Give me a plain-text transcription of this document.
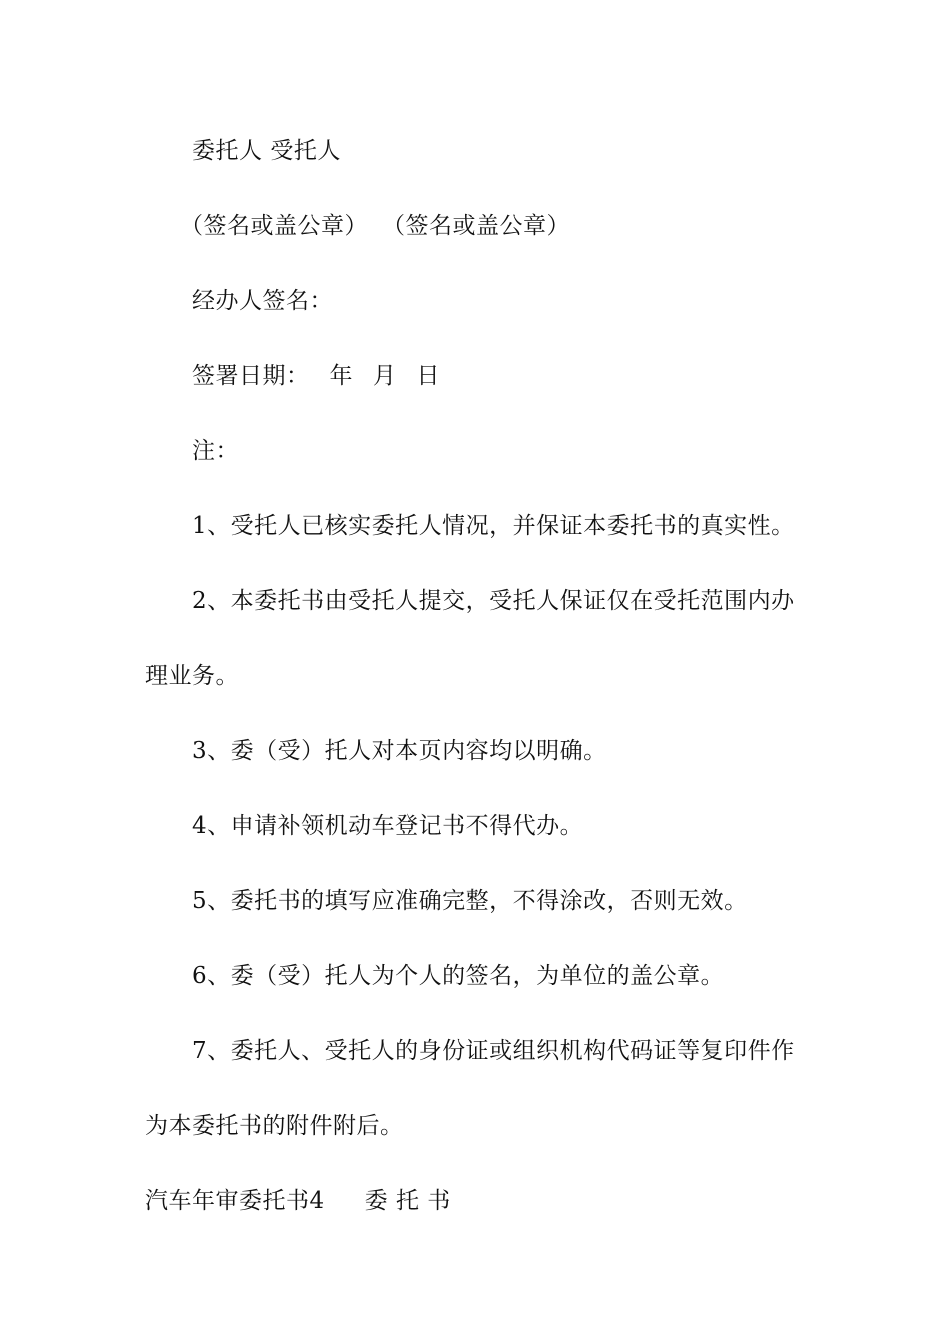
委托人 受托人
（签名或盖公章） （签名或盖公章）
经办人签名：
签署日期： 年 月 日
注：
1、受托人已核实委托人情况，并保证本委托书的真实性。
2、本委托书由受托人提交，受托人保证仅在受托范围内办
理业务。
3、委（受）托人对本页内容均以明确。
4、申请补领机动车登记书不得代办。
5、委托书的填写应准确完整，不得涂改，否则无效。
6、委（受）托人为个人的签名，为单位的盖公章。
7、委托人、受托人的身份证或组织机构代码证等复印件作
为本委托书的附件附后。
汽车年审委托书4 委 托 书
